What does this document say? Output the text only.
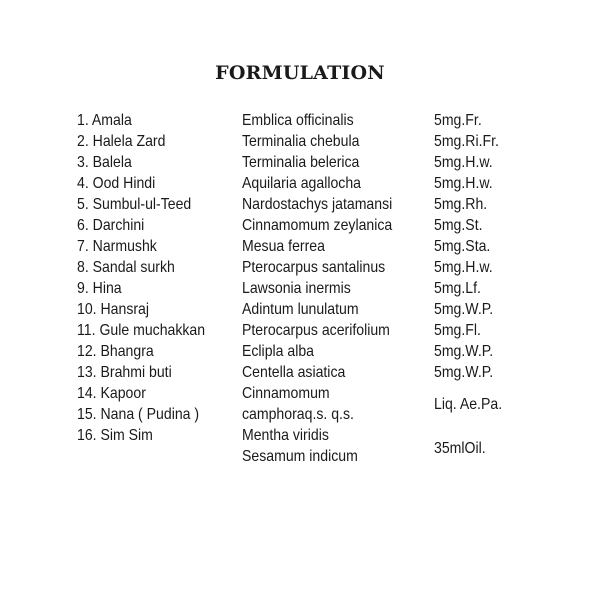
FORMULATION
1. Amala
2. Halela Zard
3. Balela
4. Ood Hindi
5. Sumbul-ul-Teed
6. Darchini
7. Narmushk
8. Sandal surkh
9. Hina
10. Hansraj
11. Gule muchakkan
12. Bhangra
13. Brahmi buti
14. Kapoor
15. Nana ( Pudina )
16. Sim Sim
Emblica officinalis
Terminalia chebula
Terminalia belerica
Aquilaria agallocha
Nardostachys jatamansi
Cinnamomum zeylanica
Mesua ferrea
Pterocarpus santalinus
Lawsonia inermis
Adintum lunulatum
Pterocarpus acerifolium
Eclipla alba
Centella asiatica
Cinnamomum
camphoraq.s. q.s.
Mentha viridis
Sesamum indicum
5mg.Fr.
5mg.Ri.Fr.
5mg.H.w.
5mg.H.w.
5mg.Rh.
5mg.St.
5mg.Sta.
5mg.H.w.
5mg.Lf.
5mg.W.P.
5mg.Fl.
5mg.W.P.
5mg.W.P.
Liq. Ae.Pa.
35mlOil.
